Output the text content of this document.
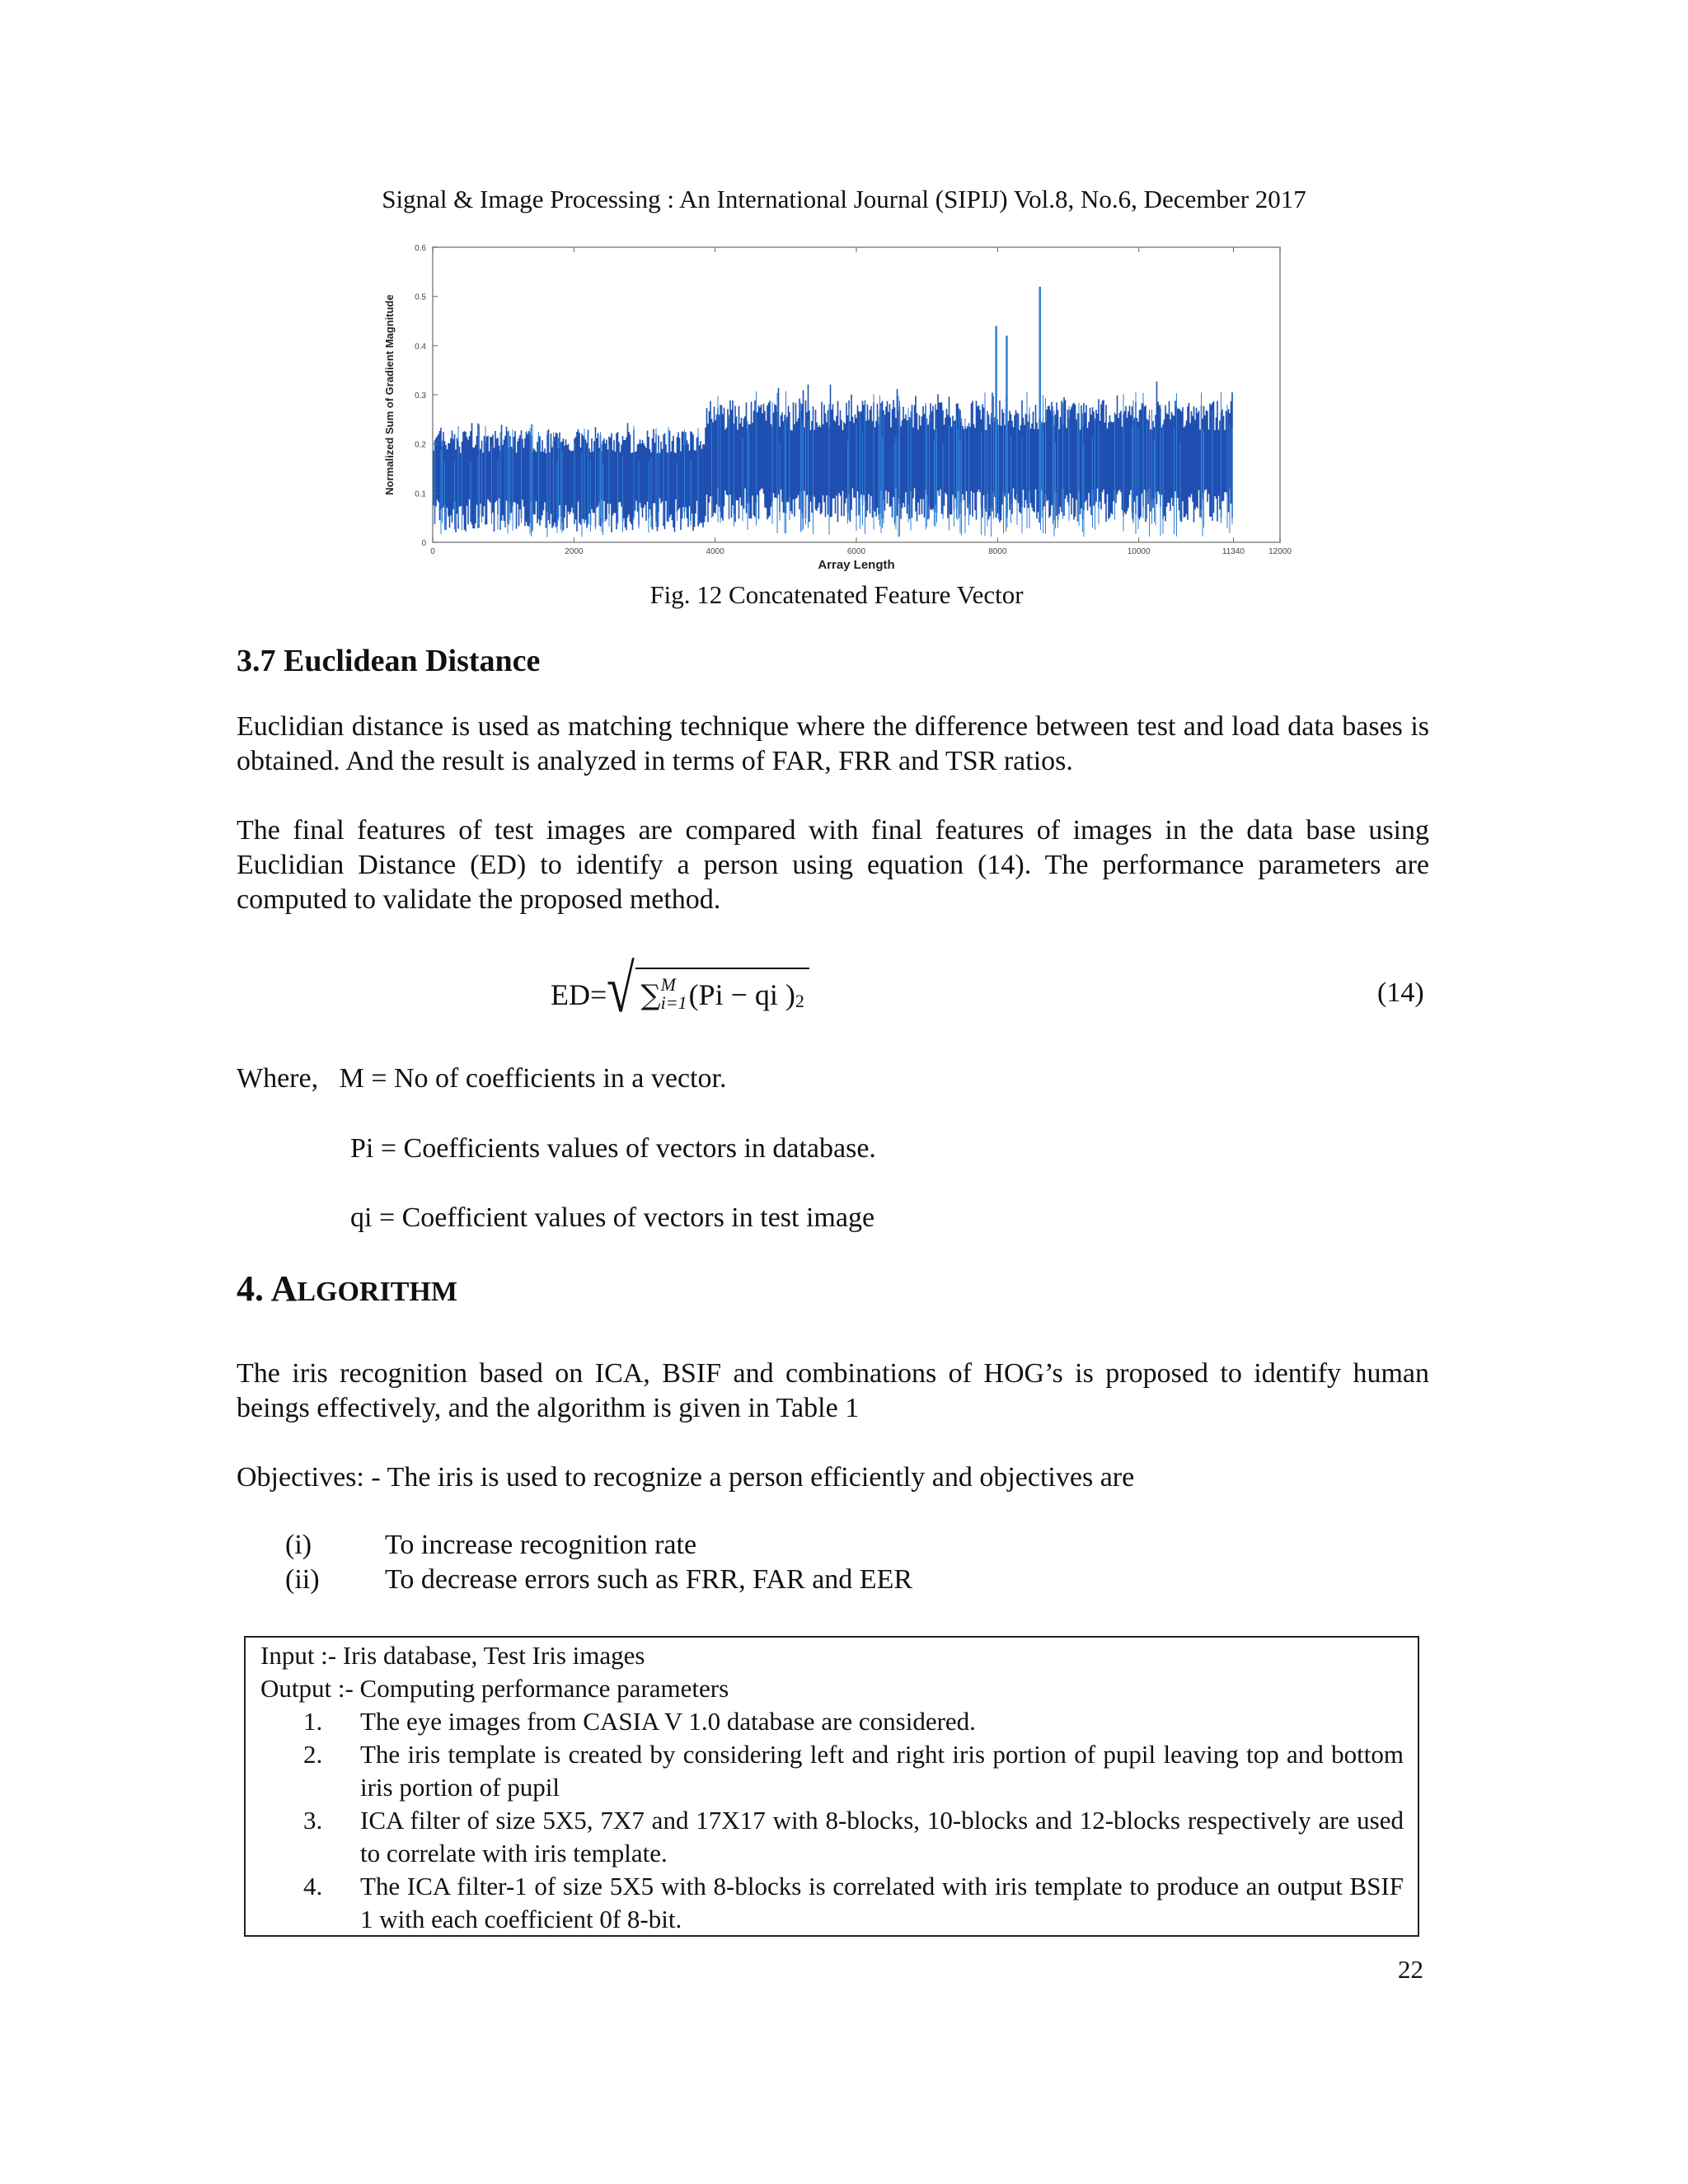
Signal & Image Processing : An International Journal (SIPIJ) Vol.8, No.6, December 2017
0
0.1
0.2
0.3
0.4
0.5
0.6
0	2000	4000	6000	8000	10000	11340	12000
Array Length
Normalized Sum of Gradient Magnitude
Fig. 12 Concatenated Feature Vector
3.7 Euclidean Distance
Euclidian distance is used as matching technique where the difference between test and load data bases is obtained. And the result is analyzed in terms of FAR, FRR and TSR ratios.
The final features of test images are compared with final features of images in the data base using Euclidian Distance (ED) to identify a person using equation (14). The performance parameters are computed to validate the proposed method.
ED= √ ∑ M
i=1 (Pi − qi )$_2$	(14)
Where,   M = No of coefficients in a vector.
Pi = Coefficients values of vectors in database.
qi = Coefficient values of vectors in test image
4. ALGORITHM
The iris recognition based on ICA, BSIF and combinations of HOG’s is proposed to identify human beings effectively, and the algorithm is given in Table 1
Objectives: - The iris is used to recognize a person efficiently and objectives are
(i)	To increase recognition rate
(ii) To decrease errors such as FRR, FAR and EER
Input :- Iris database, Test Iris images
Output :- Computing performance parameters
1. The eye images from CASIA V 1.0 database are considered.
2. The iris template is created by considering left and right iris portion of pupil leaving top and bottom iris portion of pupil
3. ICA filter of size 5X5, 7X7 and 17X17 with 8-blocks, 10-blocks and 12-blocks respectively are used to correlate with iris template.
4. The ICA filter-1 of size 5X5 with 8-blocks is correlated with iris template to produce an output BSIF 1 with each coefficient 0f 8-bit.
22
